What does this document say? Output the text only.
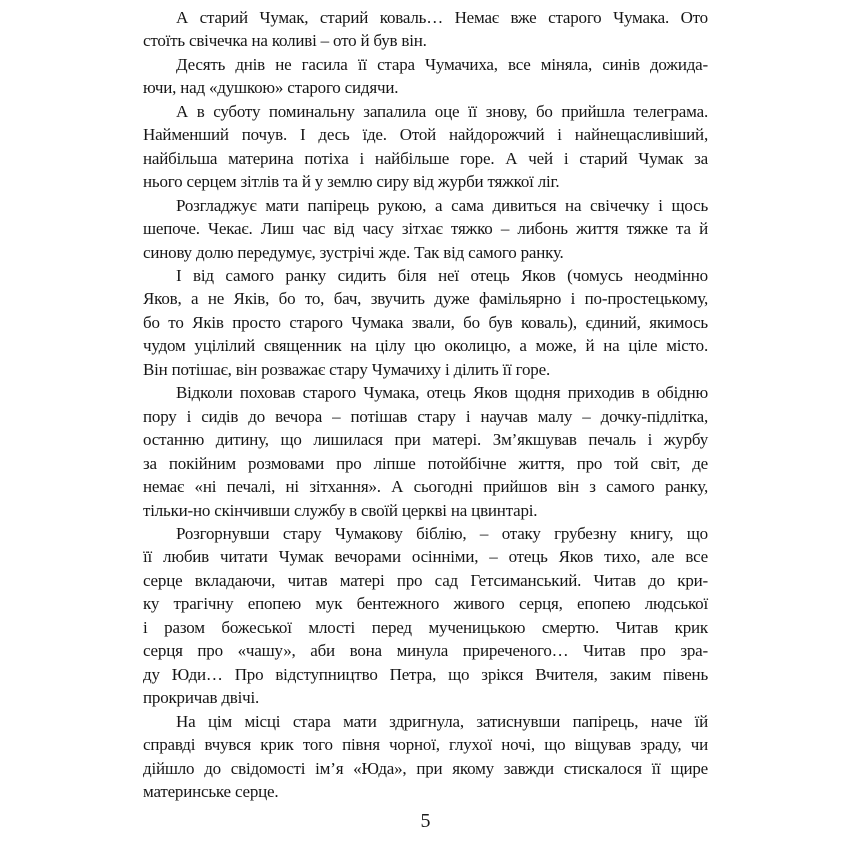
А старий Чумак, старий коваль… Немає вже старого Чумака. Ото
стоїть свічечка на коливі – ото й був він.
Десять днів не гасила її стара Чумачиха, все міняла, синів дожида-
ючи, над «душкою» старого сидячи.
А в суботу поминальну запалила оце її знову, бо прийшла телеграма.
Найменший почув. І десь їде. Отой найдорожчий і найнещасливіший,
найбільша материна потіха і найбільше горе. А чей і старий Чумак за
нього серцем зітлів та й у землю сиру від журби тяжкої ліг.
Розгладжує мати папірець рукою, а сама дивиться на свічечку і щось
шепоче. Чекає. Лиш час від часу зітхає тяжко – либонь життя тяжке та й
синову долю передумує, зустрічі жде. Так від самого ранку.
І від самого ранку сидить біля неї отець Яков (чомусь неодмінно
Яков, а не Яків, бо то, бач, звучить дуже фамільярно і по-простецькому,
бо то Яків просто старого Чумака звали, бо був коваль), єдиний, якимось
чудом уцілілий священник на цілу цю околицю, а може, й на ціле місто.
Він потішає, він розважає стару Чумачиху і ділить її горе.
Відколи поховав старого Чумака, отець Яков щодня приходив в обідню
пору і сидів до вечора – потішав стару і научав малу – дочку-підлітка,
останню дитину, що лишилася при матері. Зм’якшував печаль і журбу
за покійним розмовами про ліпше потойбічне життя, про той світ, де
немає «ні печалі, ні зітхання». А сьогодні прийшов він з самого ранку,
тільки-но скінчивши службу в своїй церкві на цвинтарі.
Розгорнувши стару Чумакову біблію, – отаку грубезну книгу, що
її любив читати Чумак вечорами осінніми, – отець Яков тихо, але все
серце вкладаючи, читав матері про сад Гетсиманський. Читав до кри-
ку трагічну епопею мук бентежного живого серця, епопею людської
і разом божеської млості перед мученицькою смертю. Читав крик
серця про «чашу», аби вона минула приреченого… Читав про зра-
ду Юди… Про відступництво Петра, що зрікся Вчителя, заким півень
прокричав двічі.
На цім місці стара мати здригнула, затиснувши папірець, наче їй
справді вчувся крик того півня чорної, глухої ночі, що віщував зраду, чи
дійшло до свідомості ім’я «Юда», при якому завжди стискалося її щире
материнське серце.
5
